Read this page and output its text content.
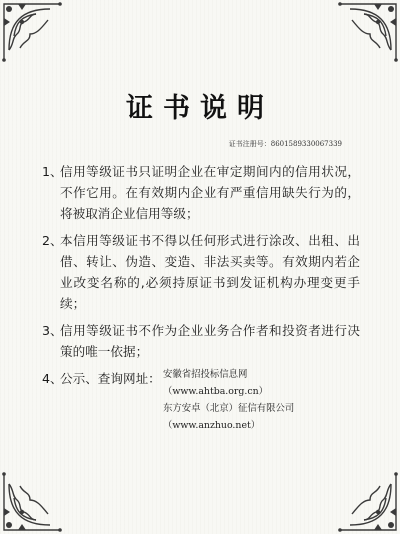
证书说明
证书注册号：8601589330067339
1、
信用等级证书只证明企业在审定期间内的信用状况，不作它用。在有效期内企业有严重信用缺失行为的，将被取消企业信用等级；
2、
本信用等级证书不得以任何形式进行涂改、出租、出借、转让、伪造、变造、非法买卖等。有效期内若企业改变名称的,必须持原证书到发证机构办理变更手续；
3、
信用等级证书不作为企业业务合作者和投资者进行决策的唯一依据；
4、
公示、查询网址： 安徽省招投标信息网
（www.ahtba.org.cn）
东方安卓（北京）征信有限公司
（www.anzhuo.net）
